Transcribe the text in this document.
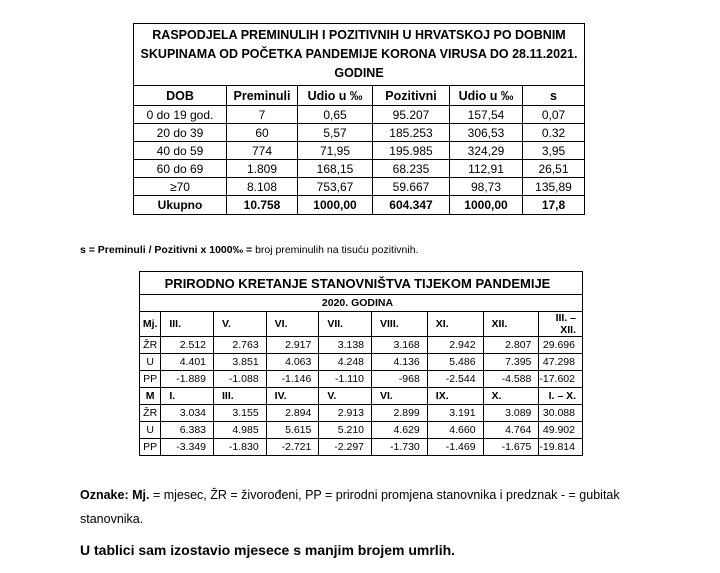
RASPODJELA PREMINULIH I POZITIVNIH U HRVATSKOJ PO DOBNIM SKUPINAMA OD POČETKA PANDEMIJE KORONA VIRUSA DO 28.11.2021. GODINE					
DOB	Preminuli	Udio u ‰	Pozitivni	Udio u ‰	s
0 do 19 god.	7	0,65	95.207	157,54	0,07
20 do 39	60	5,57	185.253	306,53	0.32
40 do 59	774	71,95	195.985	324,29	3,95
60 do 69	1.809	168,15	68.235	112,91	26,51
≥70	8.108	753,67	59.667	98,73	135,89
Ukupno	10.758	1000,00	604.347	1000,00	17,8
s = Preminuli / Pozitivni x 1000‰ = broj preminulih na tisuću pozitivnih.
PRIRODNO KRETANJE STANOVNIŠTVA TIJEKOM PANDEMIJE								
2020. GODINA								
Mj.	III.	V.	VI.	VII.	VIII.	XI.	XII.	III. – XII.
ŽR	2.512	2.763	2.917	3.138	3.168	2.942	2.807	29.696
U	4.401	3.851	4.063	4.248	4.136	5.486	7.395	47.298
PP	-1.889	-1.088	-1.146	-1.110	-968	-2.544	-4.588	-17.602
M	I.	III.	IV.	V.	VI.	IX.	X.	I. – X.
ŽR	3.034	3.155	2.894	2.913	2.899	3.191	3.089	30.088
U	6.383	4.985	5.615	5.210	4.629	4.660	4.764	49.902
PP	-3.349	-1.830	-2.721	-2.297	-1.730	-1.469	-1.675	-19.814
Oznake: Mj. = mjesec, ŽR = živorođeni, PP = prirodni promjena stanovnika i predznak - = gubitak stanovnika.
U tablici sam izostavio mjesece s manjim brojem umrlih.
